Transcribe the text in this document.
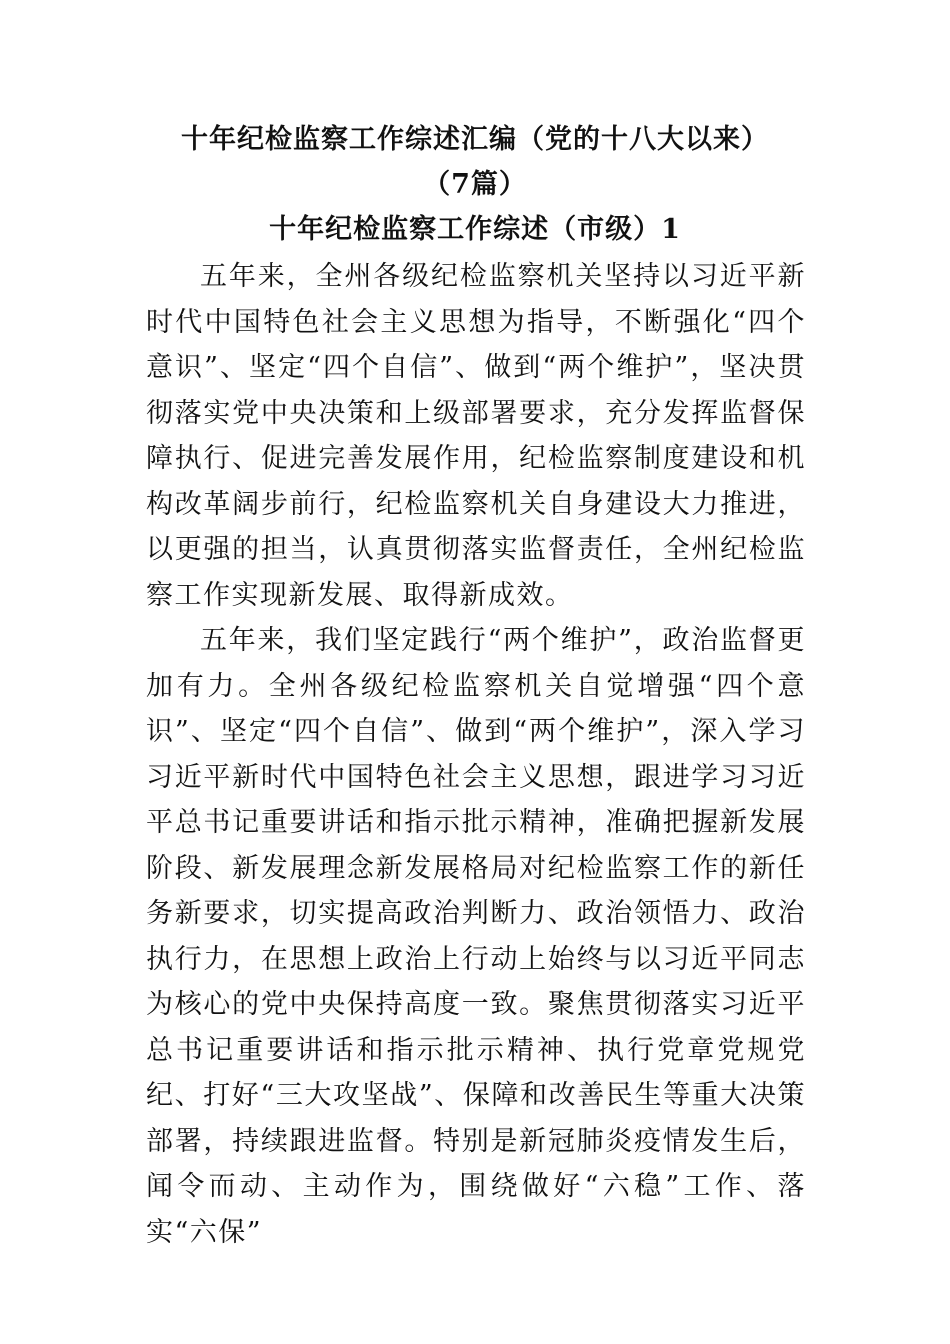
十年纪检监察工作综述汇编（党的十八大以来）
（7篇）
十年纪检监察工作综述（市级）1

五年来，全州各级纪检监察机关坚持以习近平新时代中国特色社会主义思想为指导，不断强化“四个意识”、坚定“四个自信”、做到“两个维护”，坚决贯彻落实党中央决策和上级部署要求，充分发挥监督保障执行、促进完善发展作用，纪检监察制度建设和机构改革阔步前行，纪检监察机关自身建设大力推进，以更强的担当，认真贯彻落实监督责任，全州纪检监察工作实现新发展、取得新成效。

五年来，我们坚定践行“两个维护”，政治监督更加有力。全州各级纪检监察机关自觉增强“四个意识”、坚定“四个自信”、做到“两个维护”，深入学习习近平新时代中国特色社会主义思想，跟进学习习近平总书记重要讲话和指示批示精神，准确把握新发展阶段、新发展理念新发展格局对纪检监察工作的新任务新要求，切实提高政治判断力、政治领悟力、政治执行力，在思想上政治上行动上始终与以习近平同志为核心的党中央保持高度一致。聚焦贯彻落实习近平总书记重要讲话和指示批示精神、执行党章党规党纪、打好“三大攻坚战”、保障和改善民生等重大决策部署，持续跟进监督。特别是新冠肺炎疫情发生后，闻令而动、主动作为，围绕做好“六稳”工作、落实“六保”
